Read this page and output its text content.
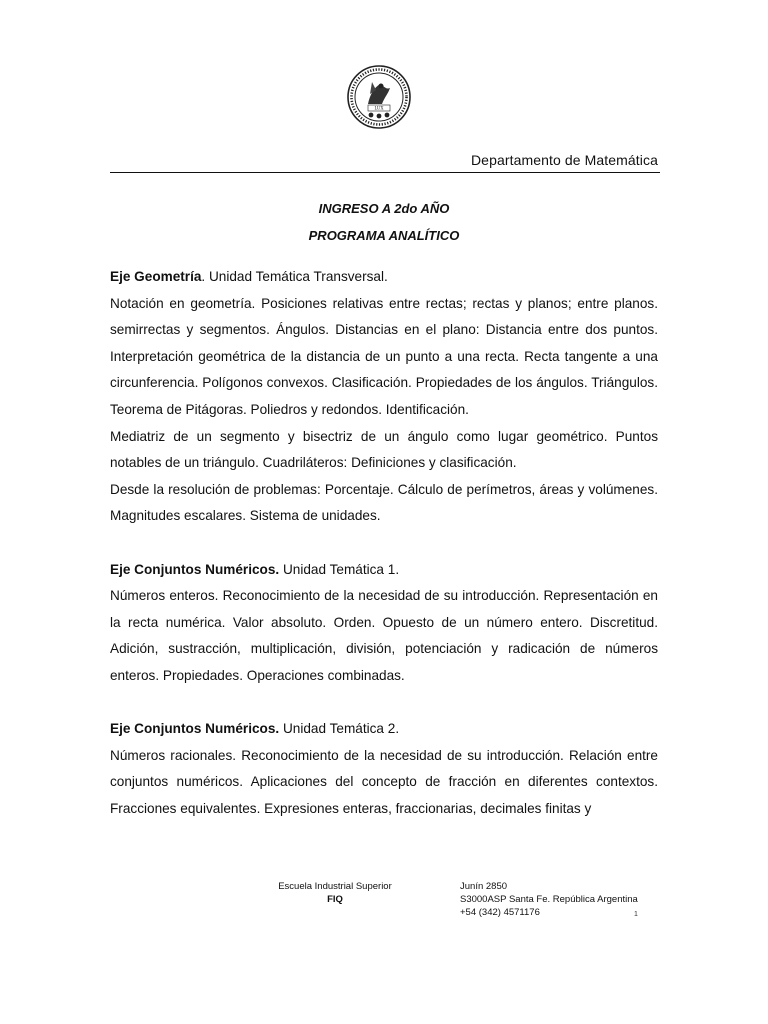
LUX
Departamento de Matemática
INGRESO A 2do AÑO
PROGRAMA ANALÍTICO

Eje Geometría. Unidad Temática Transversal.

Notación en geometría. Posiciones relativas entre rectas; rectas y planos; entre planos. semirrectas y segmentos. Ángulos. Distancias en el plano: Distancia entre dos puntos. Interpretación geométrica de la distancia de un punto a una recta. Recta tangente a una circunferencia. Polígonos convexos. Clasificación. Propiedades de los ángulos. Triángulos. Teorema de Pitágoras. Poliedros y redondos. Identificación.

Mediatriz de un segmento y bisectriz de un ángulo como lugar geométrico. Puntos notables de un triángulo. Cuadriláteros: Definiciones y clasificación.

Desde la resolución de problemas: Porcentaje. Cálculo de perímetros, áreas y volúmenes. Magnitudes escalares. Sistema de unidades.

Eje Conjuntos Numéricos. Unidad Temática 1.

Números enteros. Reconocimiento de la necesidad de su introducción. Representación en la recta numérica. Valor absoluto. Orden. Opuesto de un número entero. Discretitud. Adición, sustracción, multiplicación, división, potenciación y radicación de números enteros. Propiedades. Operaciones combinadas.

Eje Conjuntos Numéricos. Unidad Temática 2.

Números racionales. Reconocimiento de la necesidad de su introducción. Relación entre conjuntos numéricos. Aplicaciones del concepto de fracción en diferentes contextos. Fracciones equivalentes. Expresiones enteras, fraccionarias, decimales finitas y

Escuela Industrial Superior
FIQ
Junín 2850
S3000ASP Santa Fe. República Argentina
+54 (342) 4571176	1
